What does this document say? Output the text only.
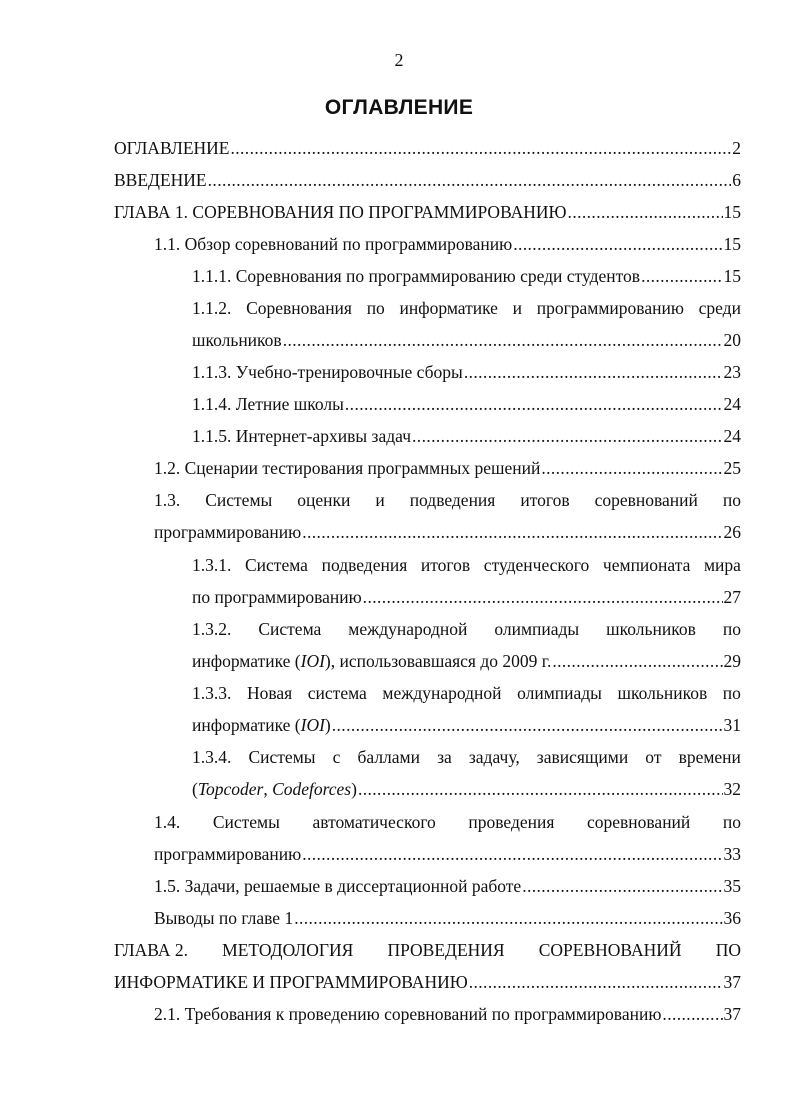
2
ОГЛАВЛЕНИЕ
ОГЛАВЛЕНИЕ .....	2
ВВЕДЕНИЕ .....	6
ГЛАВА 1. СОРЕВНОВАНИЯ ПО ПРОГРАММИРОВАНИЮ .....	15
1.1. Обзор соревнований по программированию .....	15
1.1.1. Соревнования по программированию среди студентов .....	15
1.1.2. Соревнования по информатике и программированию среди
школьников .....	20
1.1.3. Учебно-тренировочные сборы .....	23
1.1.4. Летние школы .....	24
1.1.5. Интернет-архивы задач .....	24
1.2. Сценарии тестирования программных решений .....	25
1.3. Системы оценки и подведения итогов соревнований по
программированию .....	26
1.3.1. Система подведения итогов студенческого чемпионата мира
по программированию .....	27
1.3.2. Система международной олимпиады школьников по
информатике (IOI), использовавшаяся до 2009 г. .....	29
1.3.3. Новая система международной олимпиады школьников по
информатике (IOI) .....	31
1.3.4. Системы с баллами за задачу, зависящими от времени
(Topcoder, Codeforces) .....	32
1.4. Системы автоматического проведения соревнований по
программированию .....	33
1.5. Задачи, решаемые в диссертационной работе .....	35
Выводы по главе 1 .....	36
ГЛАВА 2. МЕТОДОЛОГИЯ ПРОВЕДЕНИЯ СОРЕВНОВАНИЙ ПО
ИНФОРМАТИКЕ И ПРОГРАММИРОВАНИЮ .....	37
2.1. Требования к проведению соревнований по программированию .....	37
